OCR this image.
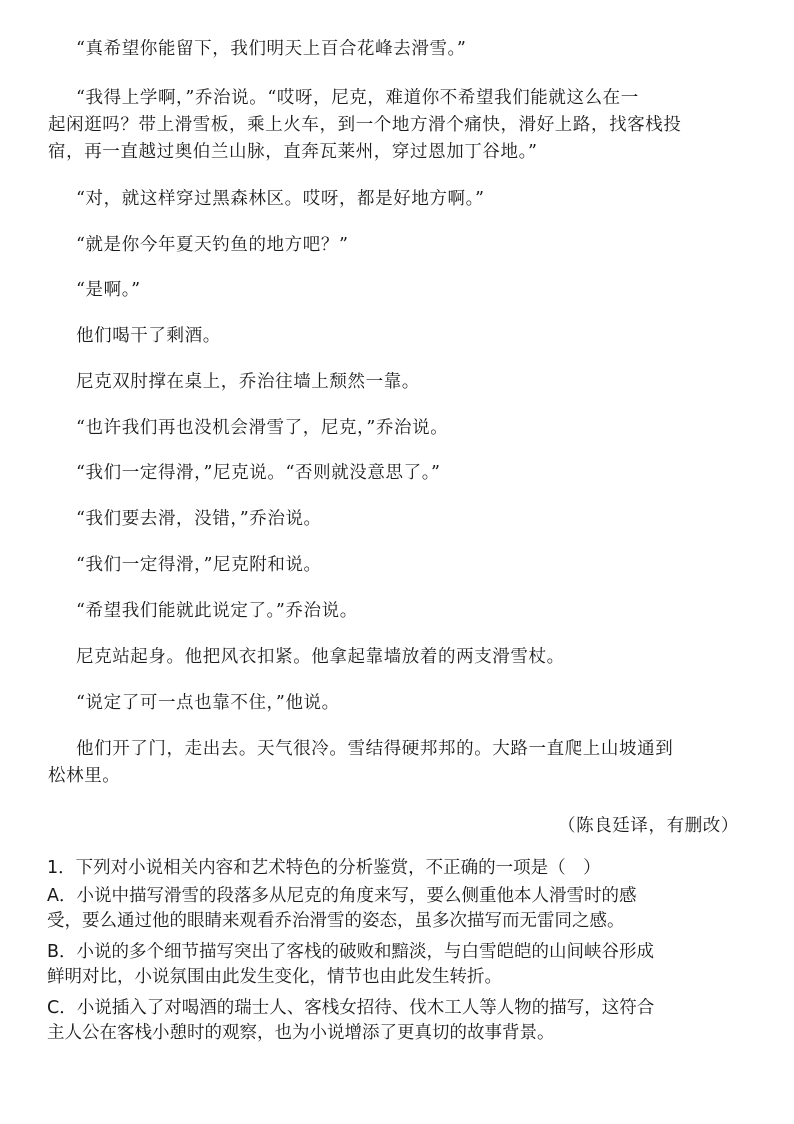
“真希望你能留下，我们明天上百合花峰去滑雪。”

“我得上学啊，”乔治说。“哎呀，尼克，难道你不希望我们能就这么在一

起闲逛吗？带上滑雪板，乘上火车，到一个地方滑个痛快，滑好上路，找客栈投

宿，再一直越过奥伯兰山脉，直奔瓦莱州，穿过恩加丁谷地。”

“对，就这样穿过黑森林区。哎呀，都是好地方啊。”

“就是你今年夏天钓鱼的地方吧？”

“是啊。”

他们喝干了剩酒。

尼克双肘撑在桌上，乔治往墙上颓然一靠。

“也许我们再也没机会滑雪了，尼克，”乔治说。

“我们一定得滑，”尼克说。“否则就没意思了。”

“我们要去滑，没错，”乔治说。

“我们一定得滑，”尼克附和说。

“希望我们能就此说定了。”乔治说。

尼克站起身。他把风衣扣紧。他拿起靠墙放着的两支滑雪杖。

“说定了可一点也靠不住，”他说。

他们开了门，走出去。天气很冷。雪结得硬邦邦的。大路一直爬上山坡通到

松林里。

（陈良廷译，有删改）

1．下列对小说相关内容和艺术特色的分析鉴赏，不正确的一项是（　）

A．小说中描写滑雪的段落多从尼克的角度来写，要么侧重他本人滑雪时的感

受，要么通过他的眼睛来观看乔治滑雪的姿态，虽多次描写而无雷同之感。

B．小说的多个细节描写突出了客栈的破败和黯淡，与白雪皑皑的山间峡谷形成

鲜明对比，小说氛围由此发生变化，情节也由此发生转折。

C．小说插入了对喝酒的瑞士人、客栈女招待、伐木工人等人物的描写，这符合

主人公在客栈小憩时的观察，也为小说增添了更真切的故事背景。
